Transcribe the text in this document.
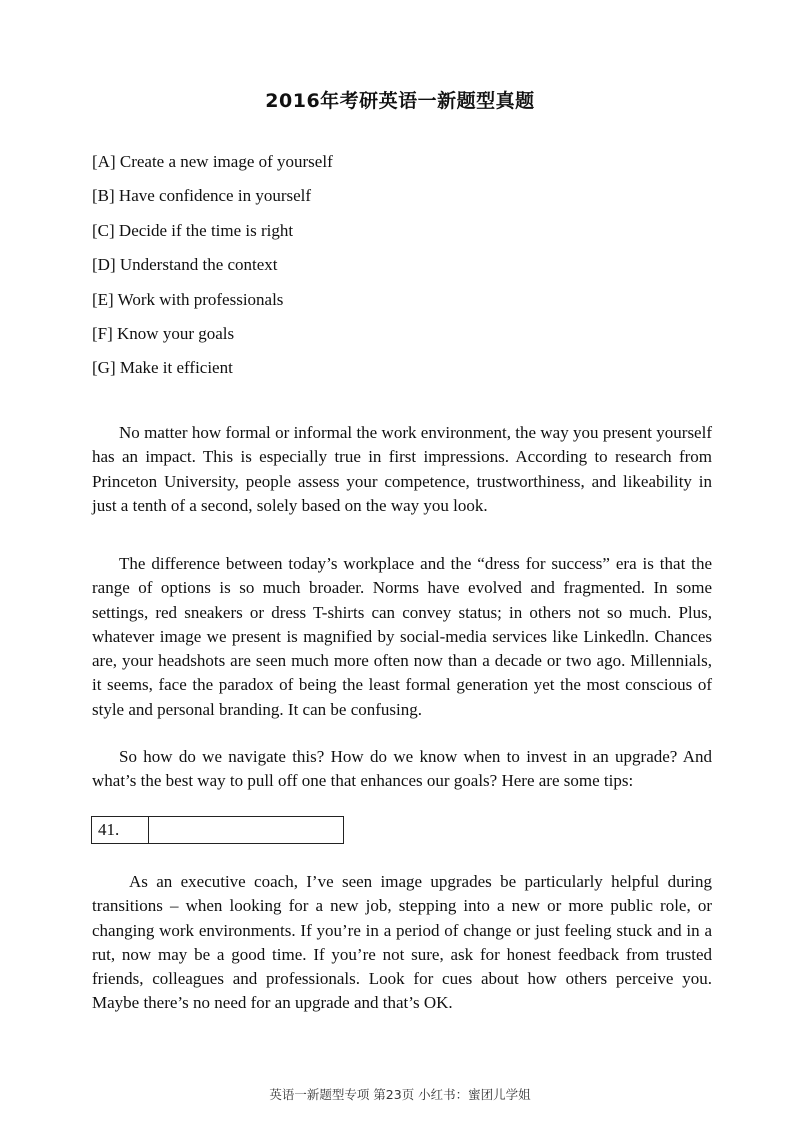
2016年考研英语一新题型真题
[A] Create a new image of yourself
[B] Have confidence in yourself
[C] Decide if the time is right
[D] Understand the context
[E] Work with professionals
[F] Know your goals
[G] Make it efficient

No matter how formal or informal the work environment, the way you present yourself has an impact. This is especially true in first impressions. According to research from Princeton University, people assess your competence, trustworthiness, and likeability in just a tenth of a second, solely based on the way you look.

The difference between today’s workplace and the “dress for success” era is that the range of options is so much broader. Norms have evolved and fragmented. In some settings, red sneakers or dress T-shirts can convey status; in others not so much. Plus, whatever image we present is magnified by social-media services like Linkedln. Chances are, your headshots are seen much more often now than a decade or two ago. Millennials, it seems, face the paradox of being the least formal generation yet the most conscious of style and personal branding. It can be confusing.

So how do we navigate this? How do we know when to invest in an upgrade? And what’s the best way to pull off one that enhances our goals? Here are some tips:

41.

As an executive coach, I’ve seen image upgrades be particularly helpful during transitions – when looking for a new job, stepping into a new or more public role, or changing work environments. If you’re in a period of change or just feeling stuck and in a rut, now may be a good time. If you’re not sure, ask for honest feedback from trusted friends, colleagues and professionals. Look for cues about how others perceive you. Maybe there’s no need for an upgrade and that’s OK.

英语一新题型专项 第23页 小红书：蜜团儿学姐
